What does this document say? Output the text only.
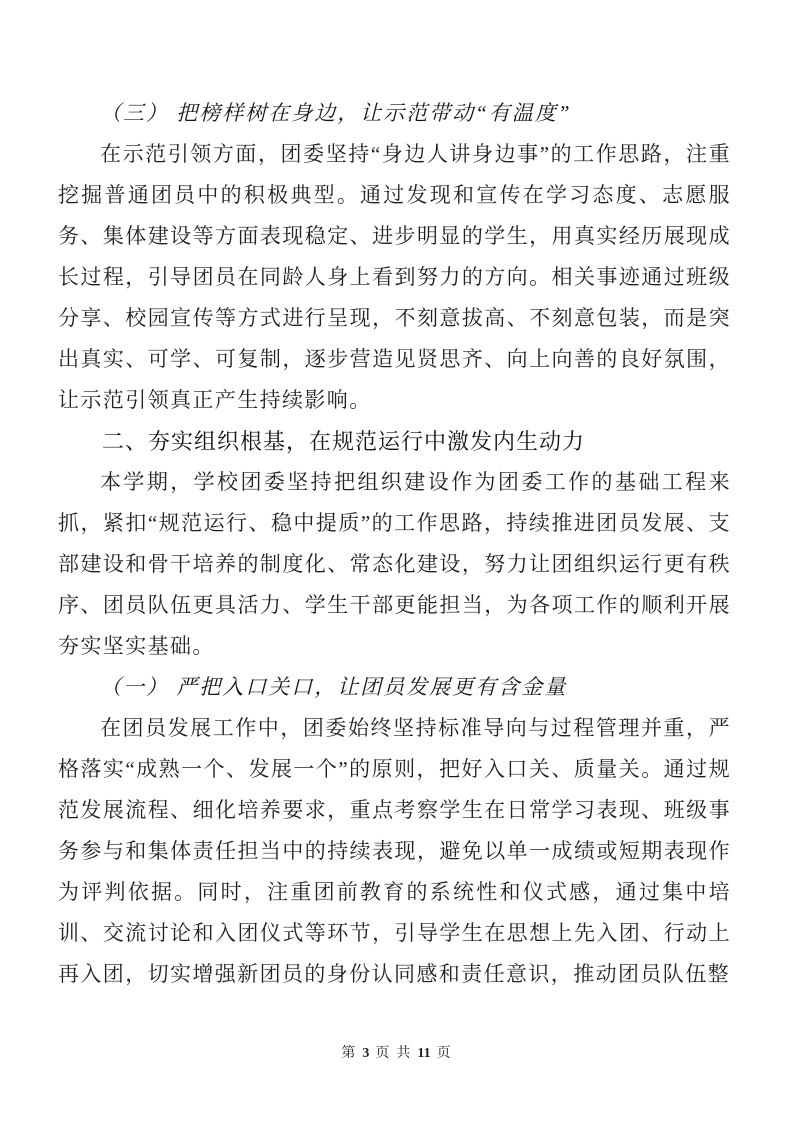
（三） 把榜样树在身边，让示范带动“有温度”

在示范引领方面，团委坚持“身边人讲身边事”的工作思路，注重挖掘普通团员中的积极典型。通过发现和宣传在学习态度、志愿服务、集体建设等方面表现稳定、进步明显的学生，用真实经历展现成长过程，引导团员在同龄人身上看到努力的方向。相关事迹通过班级分享、校园宣传等方式进行呈现，不刻意拔高、不刻意包装，而是突出真实、可学、可复制，逐步营造见贤思齐、向上向善的良好氛围，让示范引领真正产生持续影响。

二、夯实组织根基，在规范运行中激发内生动力

本学期，学校团委坚持把组织建设作为团委工作的基础工程来抓，紧扣“规范运行、稳中提质”的工作思路，持续推进团员发展、支部建设和骨干培养的制度化、常态化建设，努力让团组织运行更有秩序、团员队伍更具活力、学生干部更能担当，为各项工作的顺利开展夯实坚实基础。

（一） 严把入口关口，让团员发展更有含金量

在团员发展工作中，团委始终坚持标准导向与过程管理并重，严格落实“成熟一个、发展一个”的原则，把好入口关、质量关。通过规范发展流程、细化培养要求，重点考察学生在日常学习表现、班级事务参与和集体责任担当中的持续表现，避免以单一成绩或短期表现作为评判依据。同时，注重团前教育的系统性和仪式感，通过集中培训、交流讨论和入团仪式等环节，引导学生在思想上先入团、行动上再入团，切实增强新团员的身份认同感和责任意识，推动团员队伍整

第 3 页 共 11 页
